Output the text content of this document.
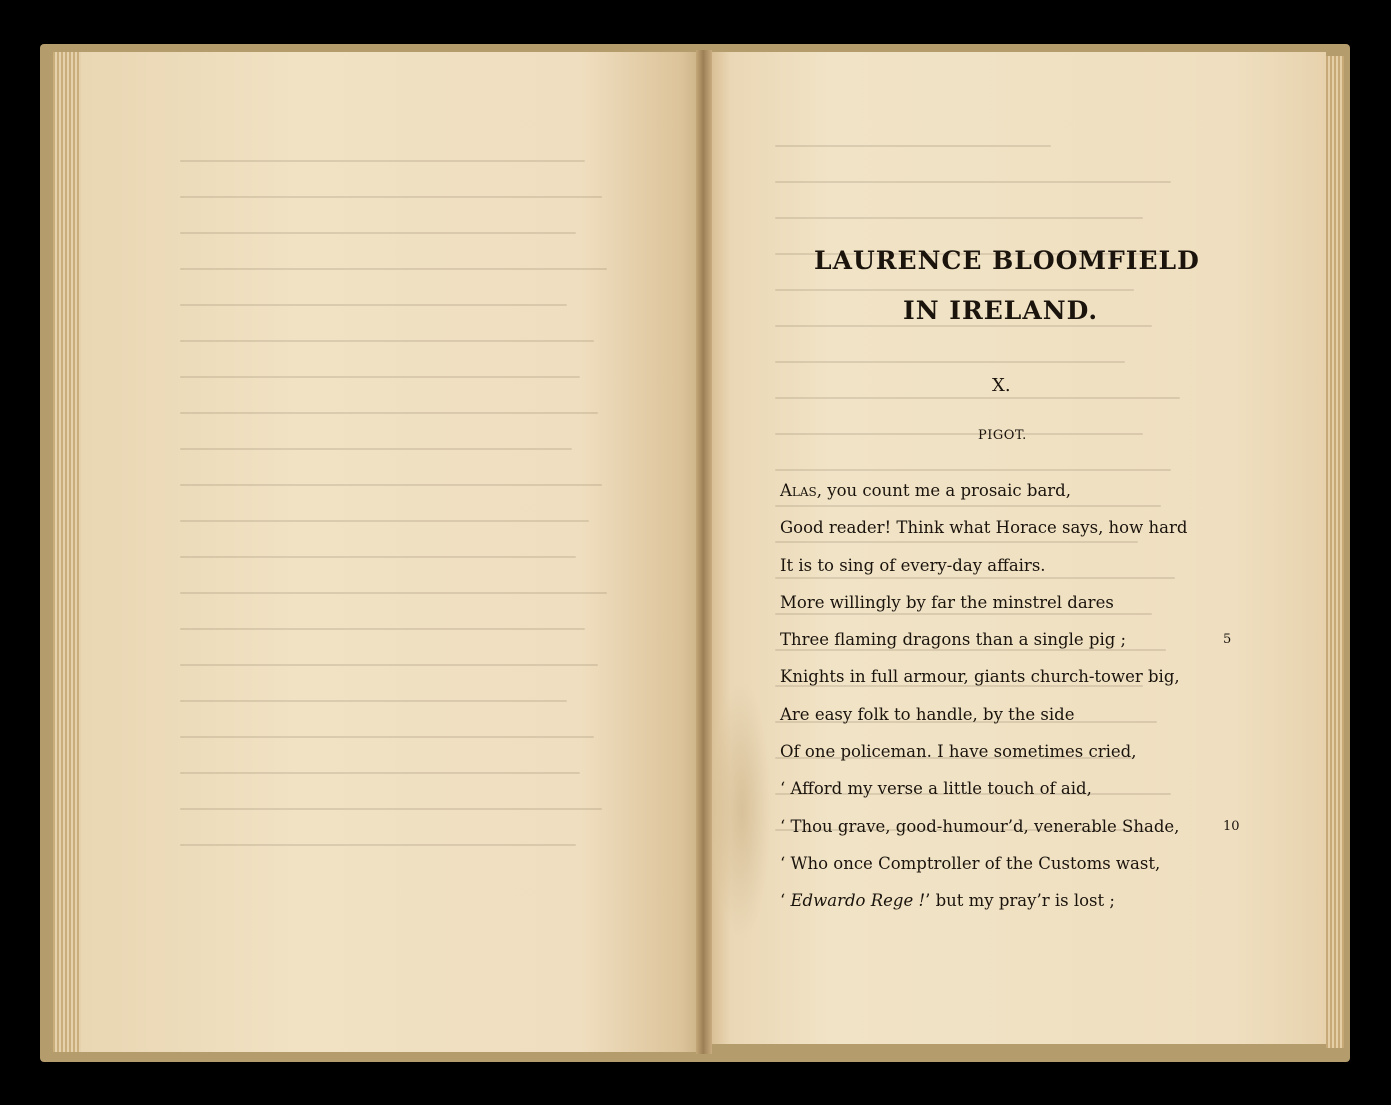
LAURENCE BLOOMFIELD
IN IRELAND.
X.
PIGOT.
Alas, you count me a prosaic bard,
Good reader! Think what Horace says, how hard
It is to sing of every-day affairs.
More willingly by far the minstrel dares
Three flaming dragons than a single pig ;	5
Knights in full armour, giants church-tower big,
Are easy folk to handle, by the side
Of one policeman. I have sometimes cried,
‘ Afford my verse a little touch of aid,
‘ Thou grave, good-humour’d, venerable Shade,	10
‘ Who once Comptroller of the Customs wast,
‘ Edwardo Rege !’ but my pray’r is lost ;
